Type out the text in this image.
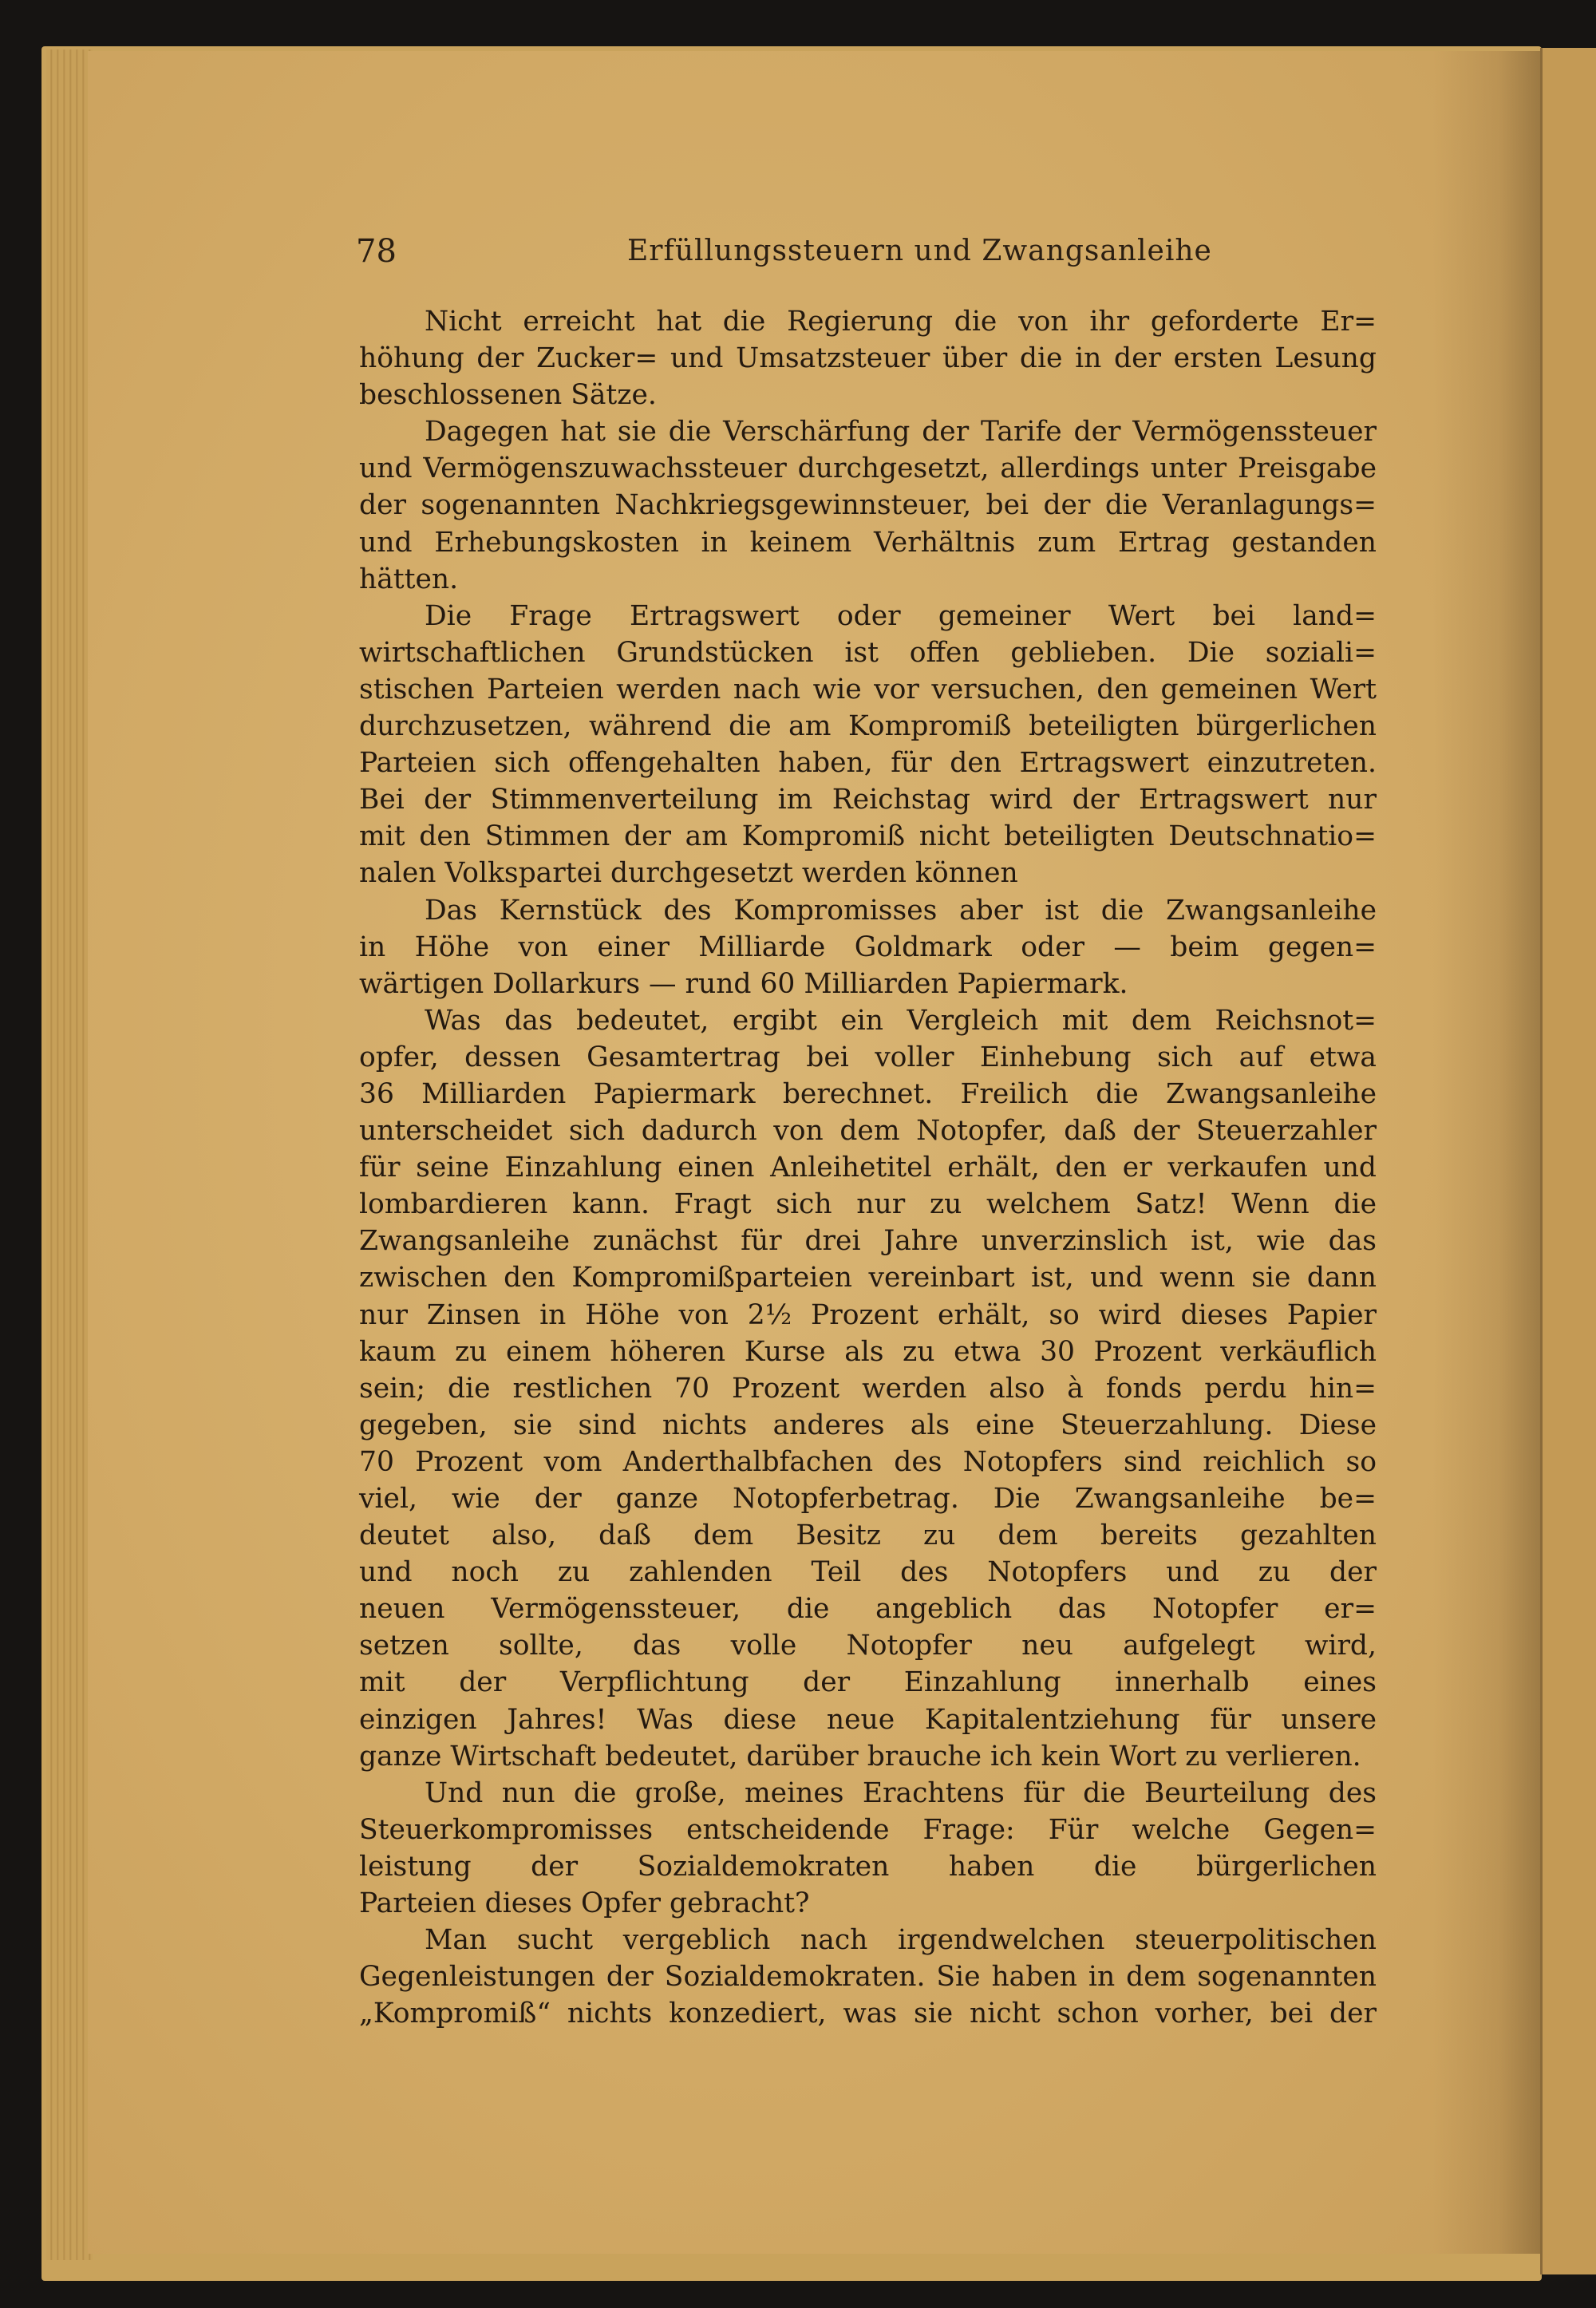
78	Erfüllungssteuern und Zwangsanleihe
Nicht erreicht hat die Regierung die von ihr geforderte Er=
höhung der Zucker= und Umsatzsteuer über die in der ersten Lesung
beschlossenen Sätze.
Dagegen hat sie die Verschärfung der Tarife der Vermögenssteuer
und Vermögenszuwachssteuer durchgesetzt, allerdings unter Preisgabe
der sogenannten Nachkriegsgewinnsteuer, bei der die Veranlagungs=
und Erhebungskosten in keinem Verhältnis zum Ertrag gestanden
hätten.
Die Frage Ertragswert oder gemeiner Wert bei land=
wirtschaftlichen Grundstücken ist offen geblieben. Die soziali=
stischen Parteien werden nach wie vor versuchen, den gemeinen Wert
durchzusetzen, während die am Kompromiß beteiligten bürgerlichen
Parteien sich offengehalten haben, für den Ertragswert einzutreten.
Bei der Stimmenverteilung im Reichstag wird der Ertragswert nur
mit den Stimmen der am Kompromiß nicht beteiligten Deutschnatio=
nalen Volkspartei durchgesetzt werden können
Das Kernstück des Kompromisses aber ist die Zwangsanleihe
in Höhe von einer Milliarde Goldmark oder — beim gegen=
wärtigen Dollarkurs — rund 60 Milliarden Papiermark.
Was das bedeutet, ergibt ein Vergleich mit dem Reichsnot=
opfer, dessen Gesamtertrag bei voller Einhebung sich auf etwa
36 Milliarden Papiermark berechnet. Freilich die Zwangsanleihe
unterscheidet sich dadurch von dem Notopfer, daß der Steuerzahler
für seine Einzahlung einen Anleihetitel erhält, den er verkaufen und
lombardieren kann. Fragt sich nur zu welchem Satz! Wenn die
Zwangsanleihe zunächst für drei Jahre unverzinslich ist, wie das
zwischen den Kompromißparteien vereinbart ist, und wenn sie dann
nur Zinsen in Höhe von 2½ Prozent erhält, so wird dieses Papier
kaum zu einem höheren Kurse als zu etwa 30 Prozent verkäuflich
sein; die restlichen 70 Prozent werden also à fonds perdu hin=
gegeben, sie sind nichts anderes als eine Steuerzahlung. Diese
70 Prozent vom Anderthalbfachen des Notopfers sind reichlich so
viel, wie der ganze Notopferbetrag. Die Zwangsanleihe be=
deutet also, daß dem Besitz zu dem bereits gezahlten
und noch zu zahlenden Teil des Notopfers und zu der
neuen Vermögenssteuer, die angeblich das Notopfer er=
setzen sollte, das volle Notopfer neu aufgelegt wird,
mit der Verpflichtung der Einzahlung innerhalb eines
einzigen Jahres! Was diese neue Kapitalentziehung für unsere
ganze Wirtschaft bedeutet, darüber brauche ich kein Wort zu verlieren.
Und nun die große, meines Erachtens für die Beurteilung des
Steuerkompromisses entscheidende Frage: Für welche Gegen=
leistung der Sozialdemokraten haben die bürgerlichen
Parteien dieses Opfer gebracht?
Man sucht vergeblich nach irgendwelchen steuerpolitischen
Gegenleistungen der Sozialdemokraten. Sie haben in dem sogenannten
„Kompromiß“ nichts konzediert, was sie nicht schon vorher, bei der
